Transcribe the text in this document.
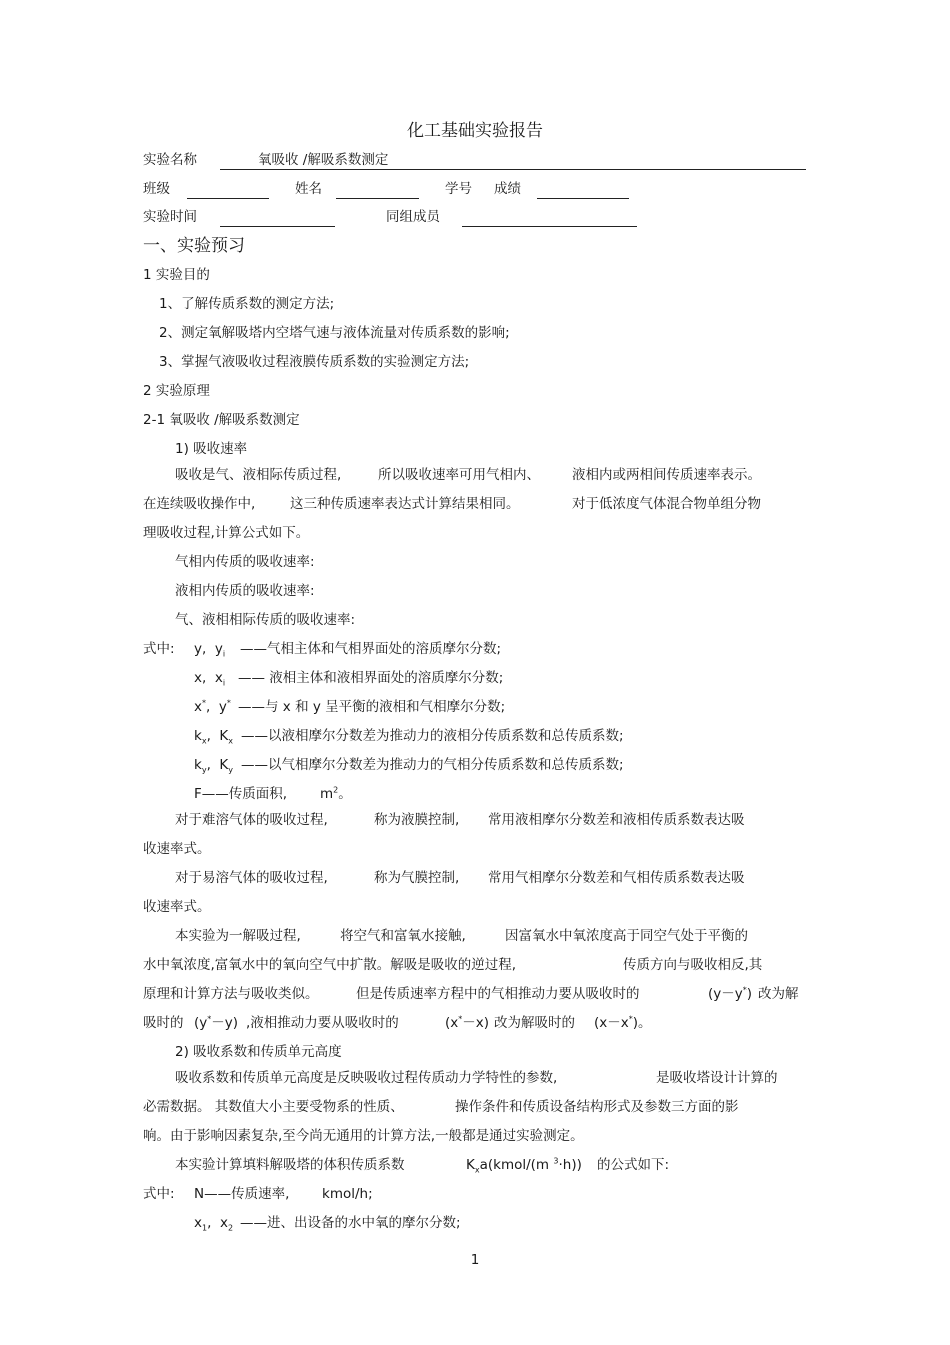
化工基础实验报告
实验名称	氧吸收 /解吸系数测定
班级	姓名	学号 成绩
实验时间	同组成员
一、实验预习
1 实验目的
1、了解传质系数的测定方法;
2、测定氧解吸塔内空塔气速与液体流量对传质系数的影响;
3、掌握气液吸收过程液膜传质系数的实验测定方法;
2 实验原理
2-1 氧吸收 /解吸系数测定
1) 吸收速率
吸收是气、液相际传质过程,	所以吸收速率可用气相内、 液相内或两相间传质速率表示。
在连续吸收操作中,	这三种传质速率表达式计算结果相同。	对于低浓度气体混合物单组分物
理吸收过程,计算公式如下。
气相内传质的吸收速率:
液相内传质的吸收速率:
气、液相相际传质的吸收速率:
式中: y,  $y_i$ ——气相主体和气相界面处的溶质摩尔分数;
x,  $x_i$ —— 液相主体和液相界面处的溶质摩尔分数;
x*,  y* ——与 x 和 y 呈平衡的液相和气相摩尔分数;
$k_x$,  $K_x$ ——以液相摩尔分数差为推动力的液相分传质系数和总传质系数;
$k_y$,  $K_y$ ——以气相摩尔分数差为推动力的气相分传质系数和总传质系数;
F——传质面积, $m^2$。
对于难溶气体的吸收过程,	称为液膜控制, 常用液相摩尔分数差和液相传质系数表达吸
收速率式。
对于易溶气体的吸收过程,	称为气膜控制, 常用气相摩尔分数差和气相传质系数表达吸
收速率式。
本实验为一解吸过程,	将空气和富氧水接触,	因富氧水中氧浓度高于同空气处于平衡的
水中氧浓度,富氧水中的氧向空气中扩散。解吸是吸收的逆过程,	传质方向与吸收相反,其
原理和计算方法与吸收类似。	但是传质速率方程中的气相推动力要从吸收时的	(y－y*) 改为解
吸时的 (y*－y) ,液相推动力要从吸收时的	(x*－x) 改为解吸时的 (x－x*)。
2) 吸收系数和传质单元高度
吸收系数和传质单元高度是反映吸收过程传质动力学特性的参数,	是吸收塔设计计算的
必需数据。 其数值大小主要受物系的性质、	操作条件和传质设备结构形式及参数三方面的影
响。由于影响因素复杂,至今尚无通用的计算方法,一般都是通过实验测定。
本实验计算填料解吸塔的体积传质系数	$K_xa(kmol/(m$ $^3$·h)) 的公式如下:
式中: N——传质速率, kmol/h;
$x_1$,  $x_2$ ——进、出设备的水中氧的摩尔分数;
1
